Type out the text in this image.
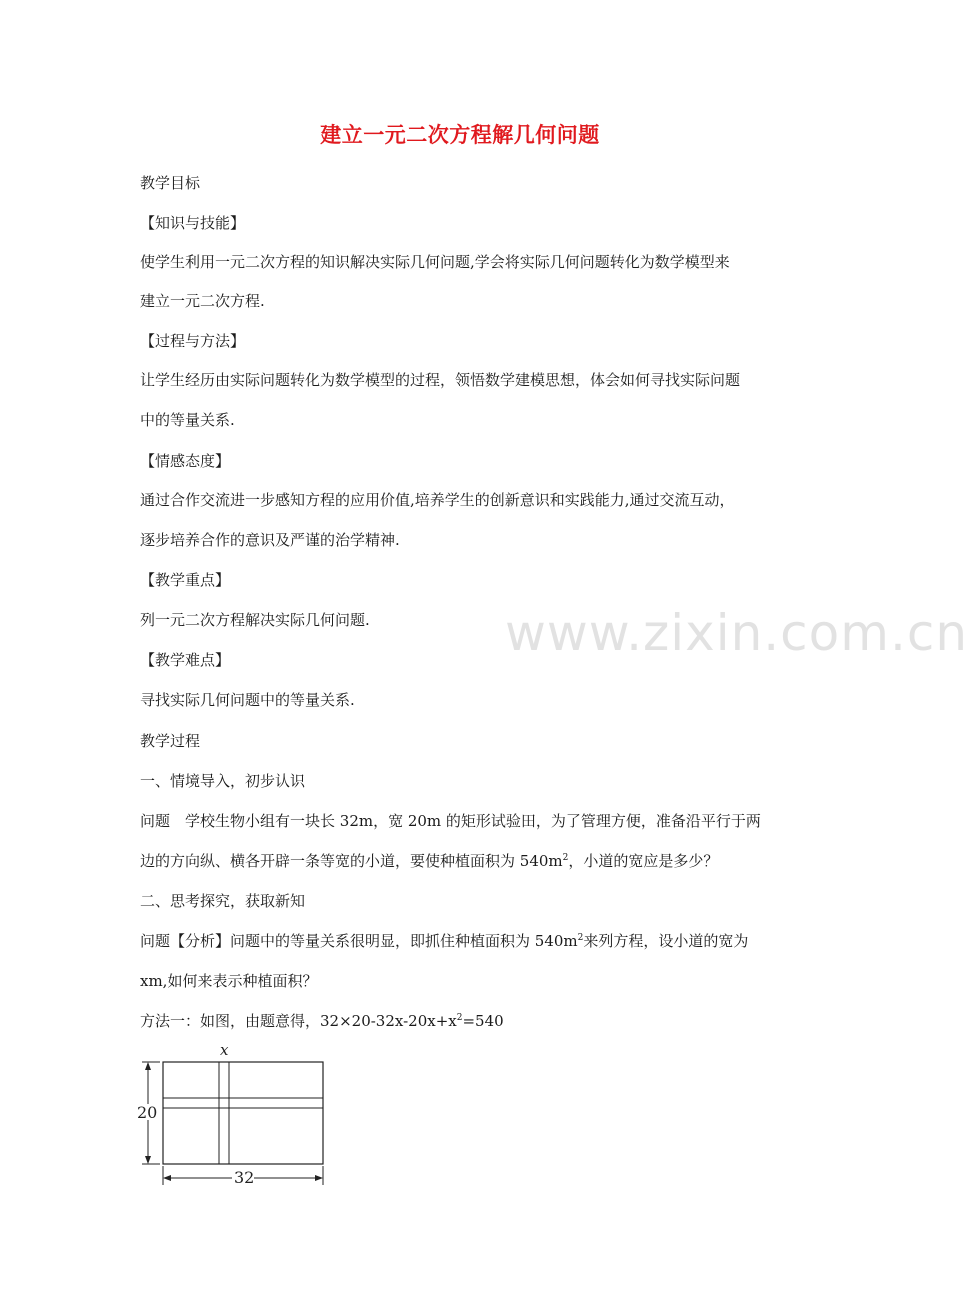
建立一元二次方程解几何问题
教学目标
【知识与技能】
使学生利用一元二次方程的知识解决实际几何问题,学会将实际几何问题转化为数学模型来
建立一元二次方程.
【过程与方法】
让学生经历由实际问题转化为数学模型的过程，领悟数学建模思想，体会如何寻找实际问题
中的等量关系.
【情感态度】
通过合作交流进一步感知方程的应用价值,培养学生的创新意识和实践能力,通过交流互动，
逐步培养合作的意识及严谨的治学精神.
【教学重点】
列一元二次方程解决实际几何问题.
【教学难点】
寻找实际几何问题中的等量关系.
教学过程
一、情境导入，初步认识
问题　学校生物小组有一块长 32m，宽 20m 的矩形试验田，为了管理方便，准备沿平行于两
边的方向纵、横各开辟一条等宽的小道，要使种植面积为 $540m^2$，小道的宽应是多少？
二、思考探究，获取新知
问题【分析】问题中的等量关系很明显，即抓住种植面积为 $540m^2$来列方程，设小道的宽为
xm,如何来表示种植面积？
方法一：如图，由题意得，$32\times 20-32x-20x+x^2=540$
www.zixin.com.cn
20
32
x
